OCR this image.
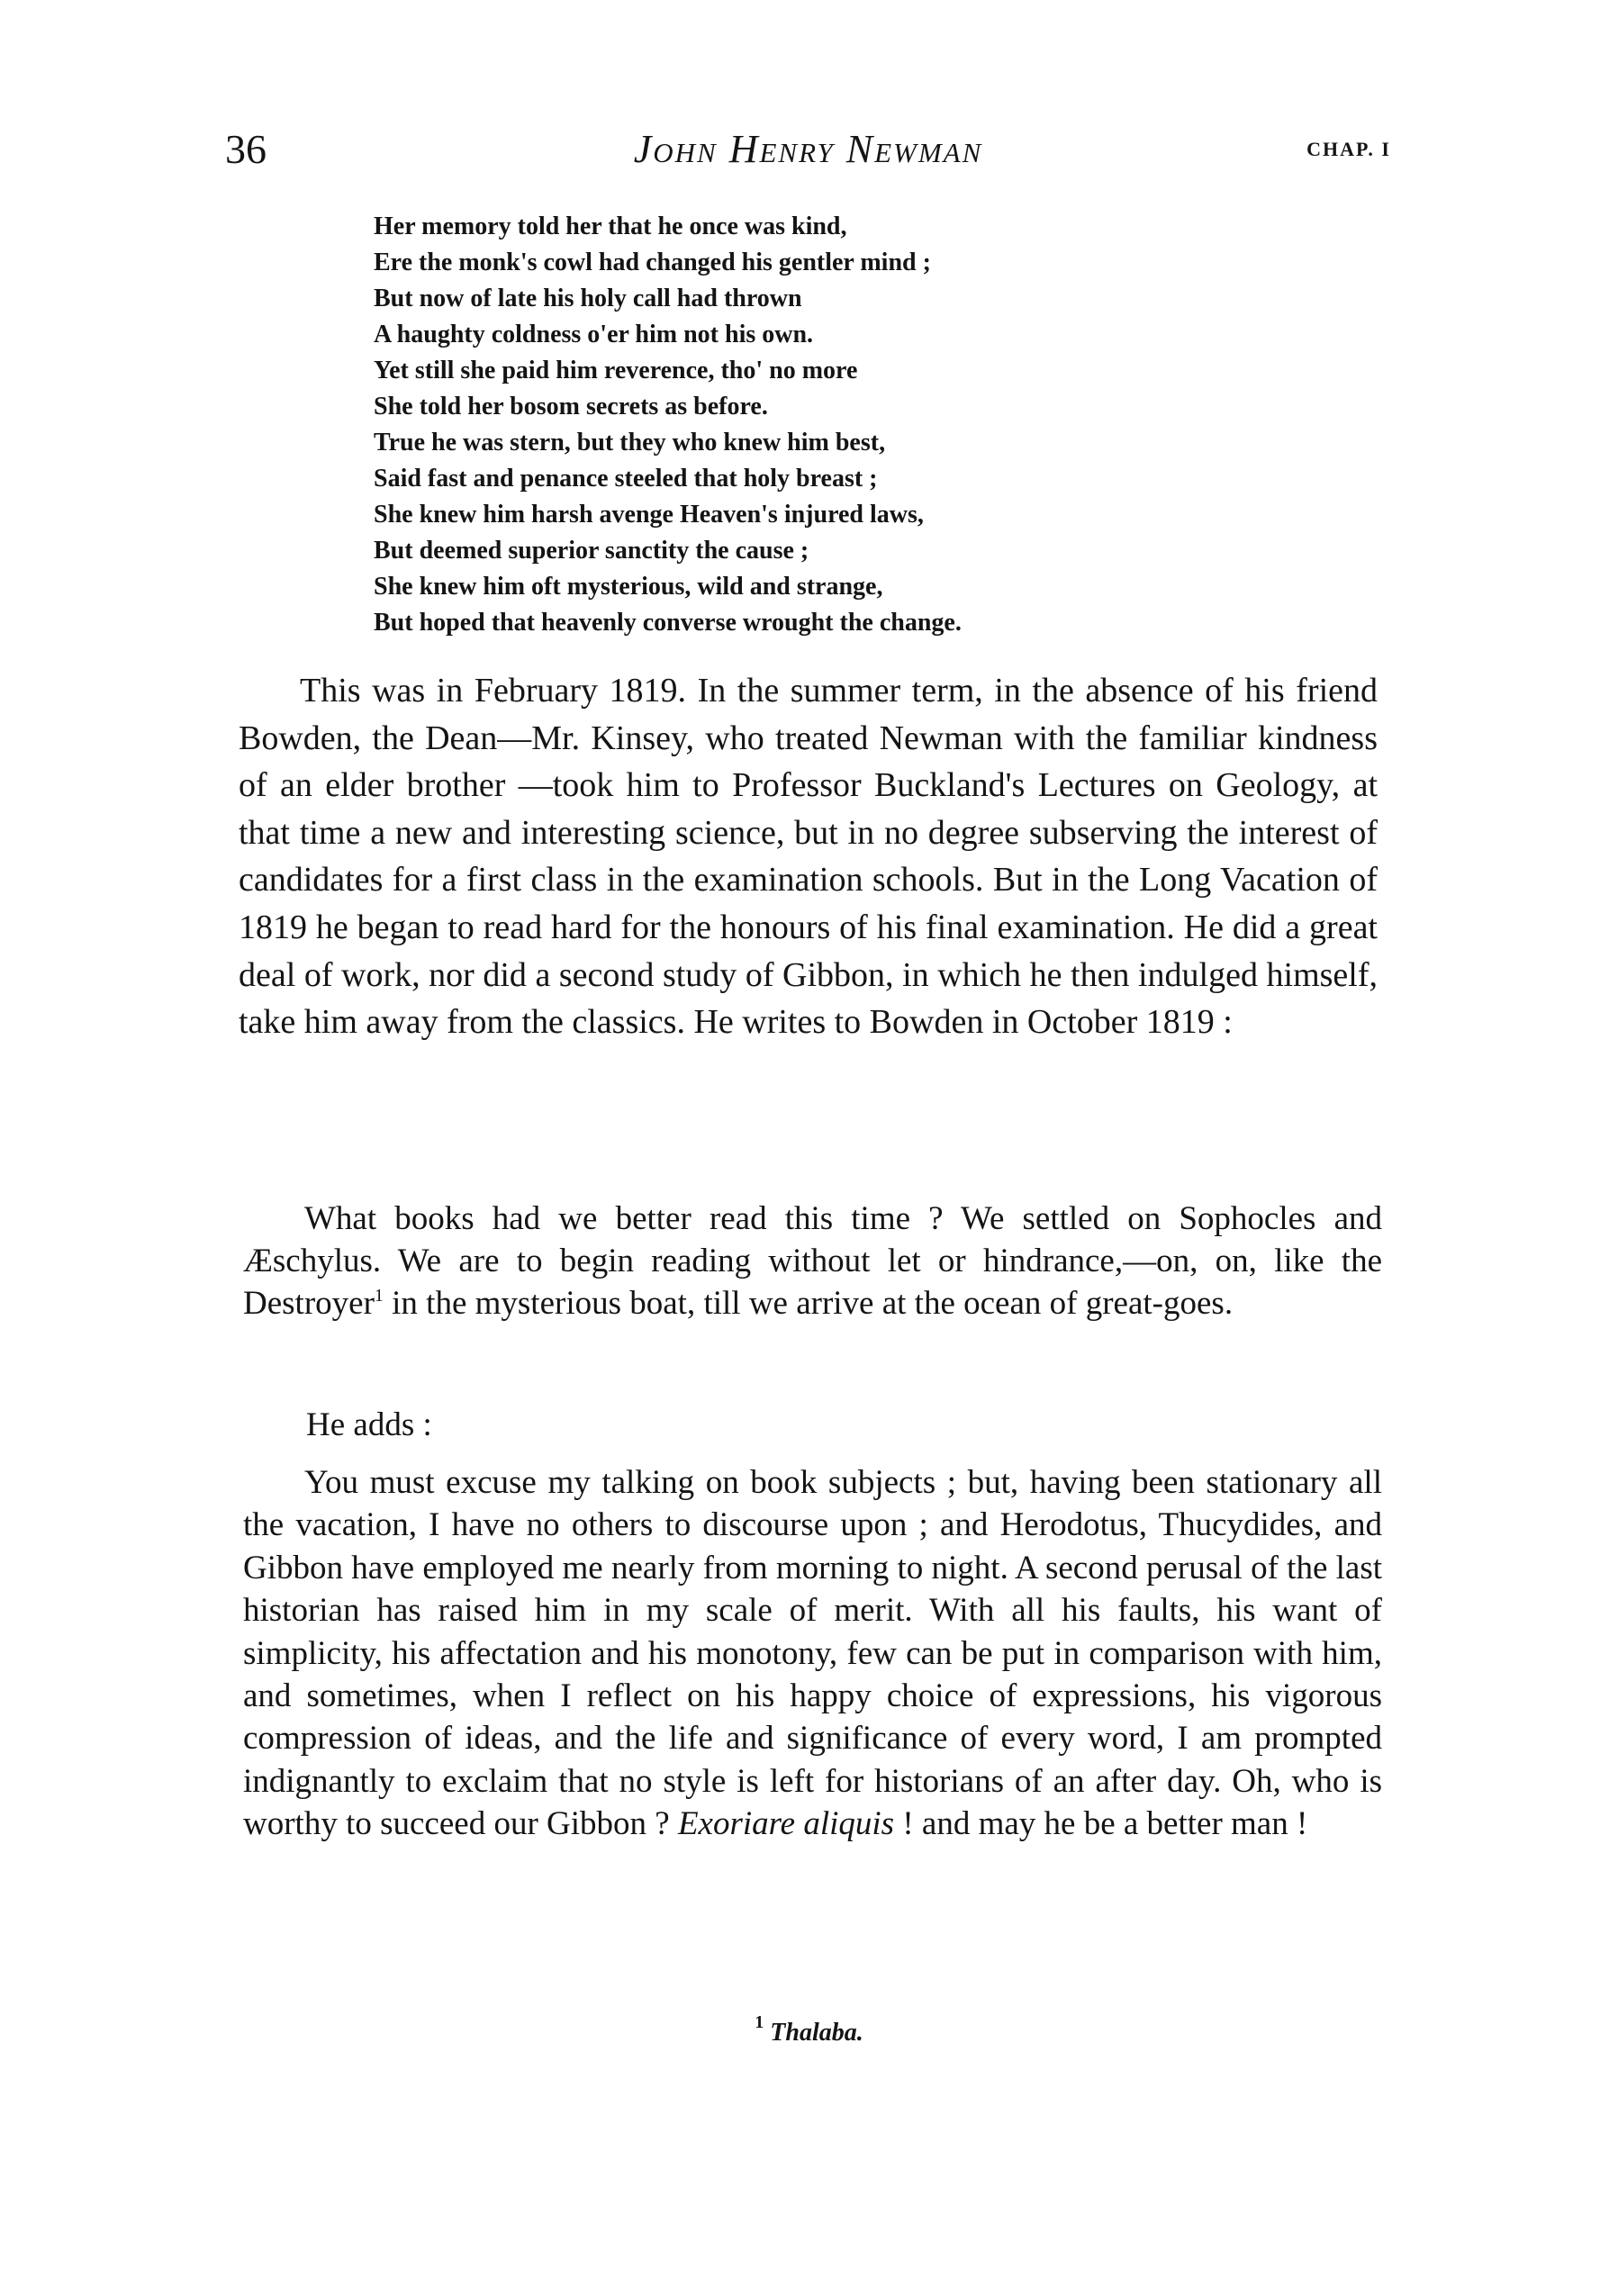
36	John Henry Newman	CHAP. I
Her memory told her that he once was kind,
Ere the monk's cowl had changed his gentler mind ;
But now of late his holy call had thrown
A haughty coldness o'er him not his own.
Yet still she paid him reverence, tho' no more
She told her bosom secrets as before.
True he was stern, but they who knew him best,
Said fast and penance steeled that holy breast ;
She knew him harsh avenge Heaven's injured laws,
But deemed superior sanctity the cause ;
She knew him oft mysterious, wild and strange,
But hoped that heavenly converse wrought the change.

This was in February 1819. In the summer term, in the absence of his friend Bowden, the Dean—Mr. Kinsey, who treated Newman with the familiar kindness of an elder brother —took him to Professor Buckland's Lectures on Geology, at that time a new and interesting science, but in no degree subserving the interest of candidates for a first class in the examination schools. But in the Long Vacation of 1819 he began to read hard for the honours of his final examination. He did a great deal of work, nor did a second study of Gibbon, in which he then indulged himself, take him away from the classics. He writes to Bowden in October 1819 :

What books had we better read this time ? We settled on Sophocles and Æschylus. We are to begin reading without let or hindrance,—on, on, like the Destroyer$^1$ in the mysterious boat, till we arrive at the ocean of great-goes.

He adds :

You must excuse my talking on book subjects ; but, having been stationary all the vacation, I have no others to discourse upon ; and Herodotus, Thucydides, and Gibbon have employed me nearly from morning to night. A second perusal of the last historian has raised him in my scale of merit. With all his faults, his want of simplicity, his affectation and his monotony, few can be put in comparison with him, and sometimes, when I reflect on his happy choice of expressions, his vigorous compression of ideas, and the life and significance of every word, I am prompted indignantly to exclaim that no style is left for historians of an after day. Oh, who is worthy to succeed our Gibbon ? Exoriare aliquis ! and may he be a better man !

$^1$ Thalaba.
